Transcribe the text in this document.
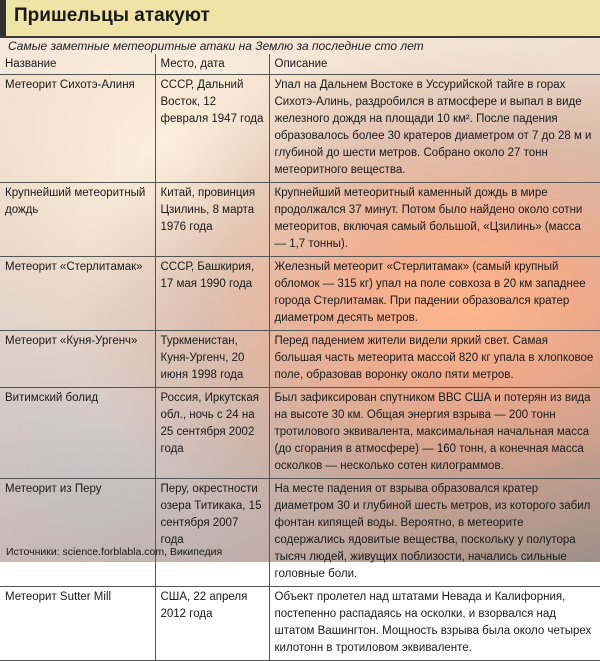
Пришельцы атакуют
Самые заметные метеоритные атаки на Землю за последние сто лет
Название	Место, дата	Описание
Метеорит Сихотэ-Алиня	СССР, Дальний Восток, 12 февраля 1947 года	Упал на Дальнем Востоке в Уссурийской тайге в горах Сихотэ-Алинь, раздробился в атмосфере и выпал в виде железного дождя на площади 10 км². После падения образовалось более 30 кратеров диаметром от 7 до 28 м и глубиной до шести метров. Собрано около 27 тонн метеоритного вещества.
Крупнейший метеоритный дождь	Китай, провинция Цзилинь, 8 марта 1976 года	Крупнейший метеоритный каменный дождь в мире продолжался 37 минут. Потом было найдено около сотни метеоритов, включая самый большой, «Цзилинь» (масса — 1,7 тонны).
Метеорит «Стерлитамак»	СССР, Башкирия, 17 мая 1990 года	Железный метеорит «Стерлитамак» (самый крупный обломок — 315 кг) упал на поле совхоза в 20 км западнее города Стерлитамак. При падении образовался кратер диаметром десять метров.
Метеорит «Куня-Ургенч»	Туркменистан, Куня-Ургенч, 20 июня 1998 года	Перед падением жители видели яркий свет. Самая большая часть метеорита массой 820 кг упала в хлопковое поле, образовав воронку около пяти метров.
Витимский болид	Россия, Иркутская обл., ночь с 24 на 25 сентября 2002 года	Был зафиксирован спутником ВВС США и потерян из вида на высоте 30 км. Общая энергия взрыва — 200 тонн тротилового эквивалента, максимальная начальная масса (до сгорания в атмосфере) — 160 тонн, а конечная масса осколков — несколько сотен килограммов.
Метеорит из Перу	Перу, окрестности озера Титикака, 15 сентября 2007 года	На месте падения от взрыва образовался кратер диаметром 30 и глубиной шесть метров, из которого забил фонтан кипящей воды. Вероятно, в метеорите содержались ядовитые вещества, поскольку у полутора тысяч людей, живущих поблизости, начались сильные головные боли.
Метеорит Sutter Mill	США, 22 апреля 2012 года	Объект пролетел над штатами Невада и Калифорния, постепенно распадаясь на осколки, и взорвался над штатом Вашингтон. Мощность взрыва была около четырех килотонн в тротиловом эквиваленте.
Источники: science.forblabla.com, Википедия
